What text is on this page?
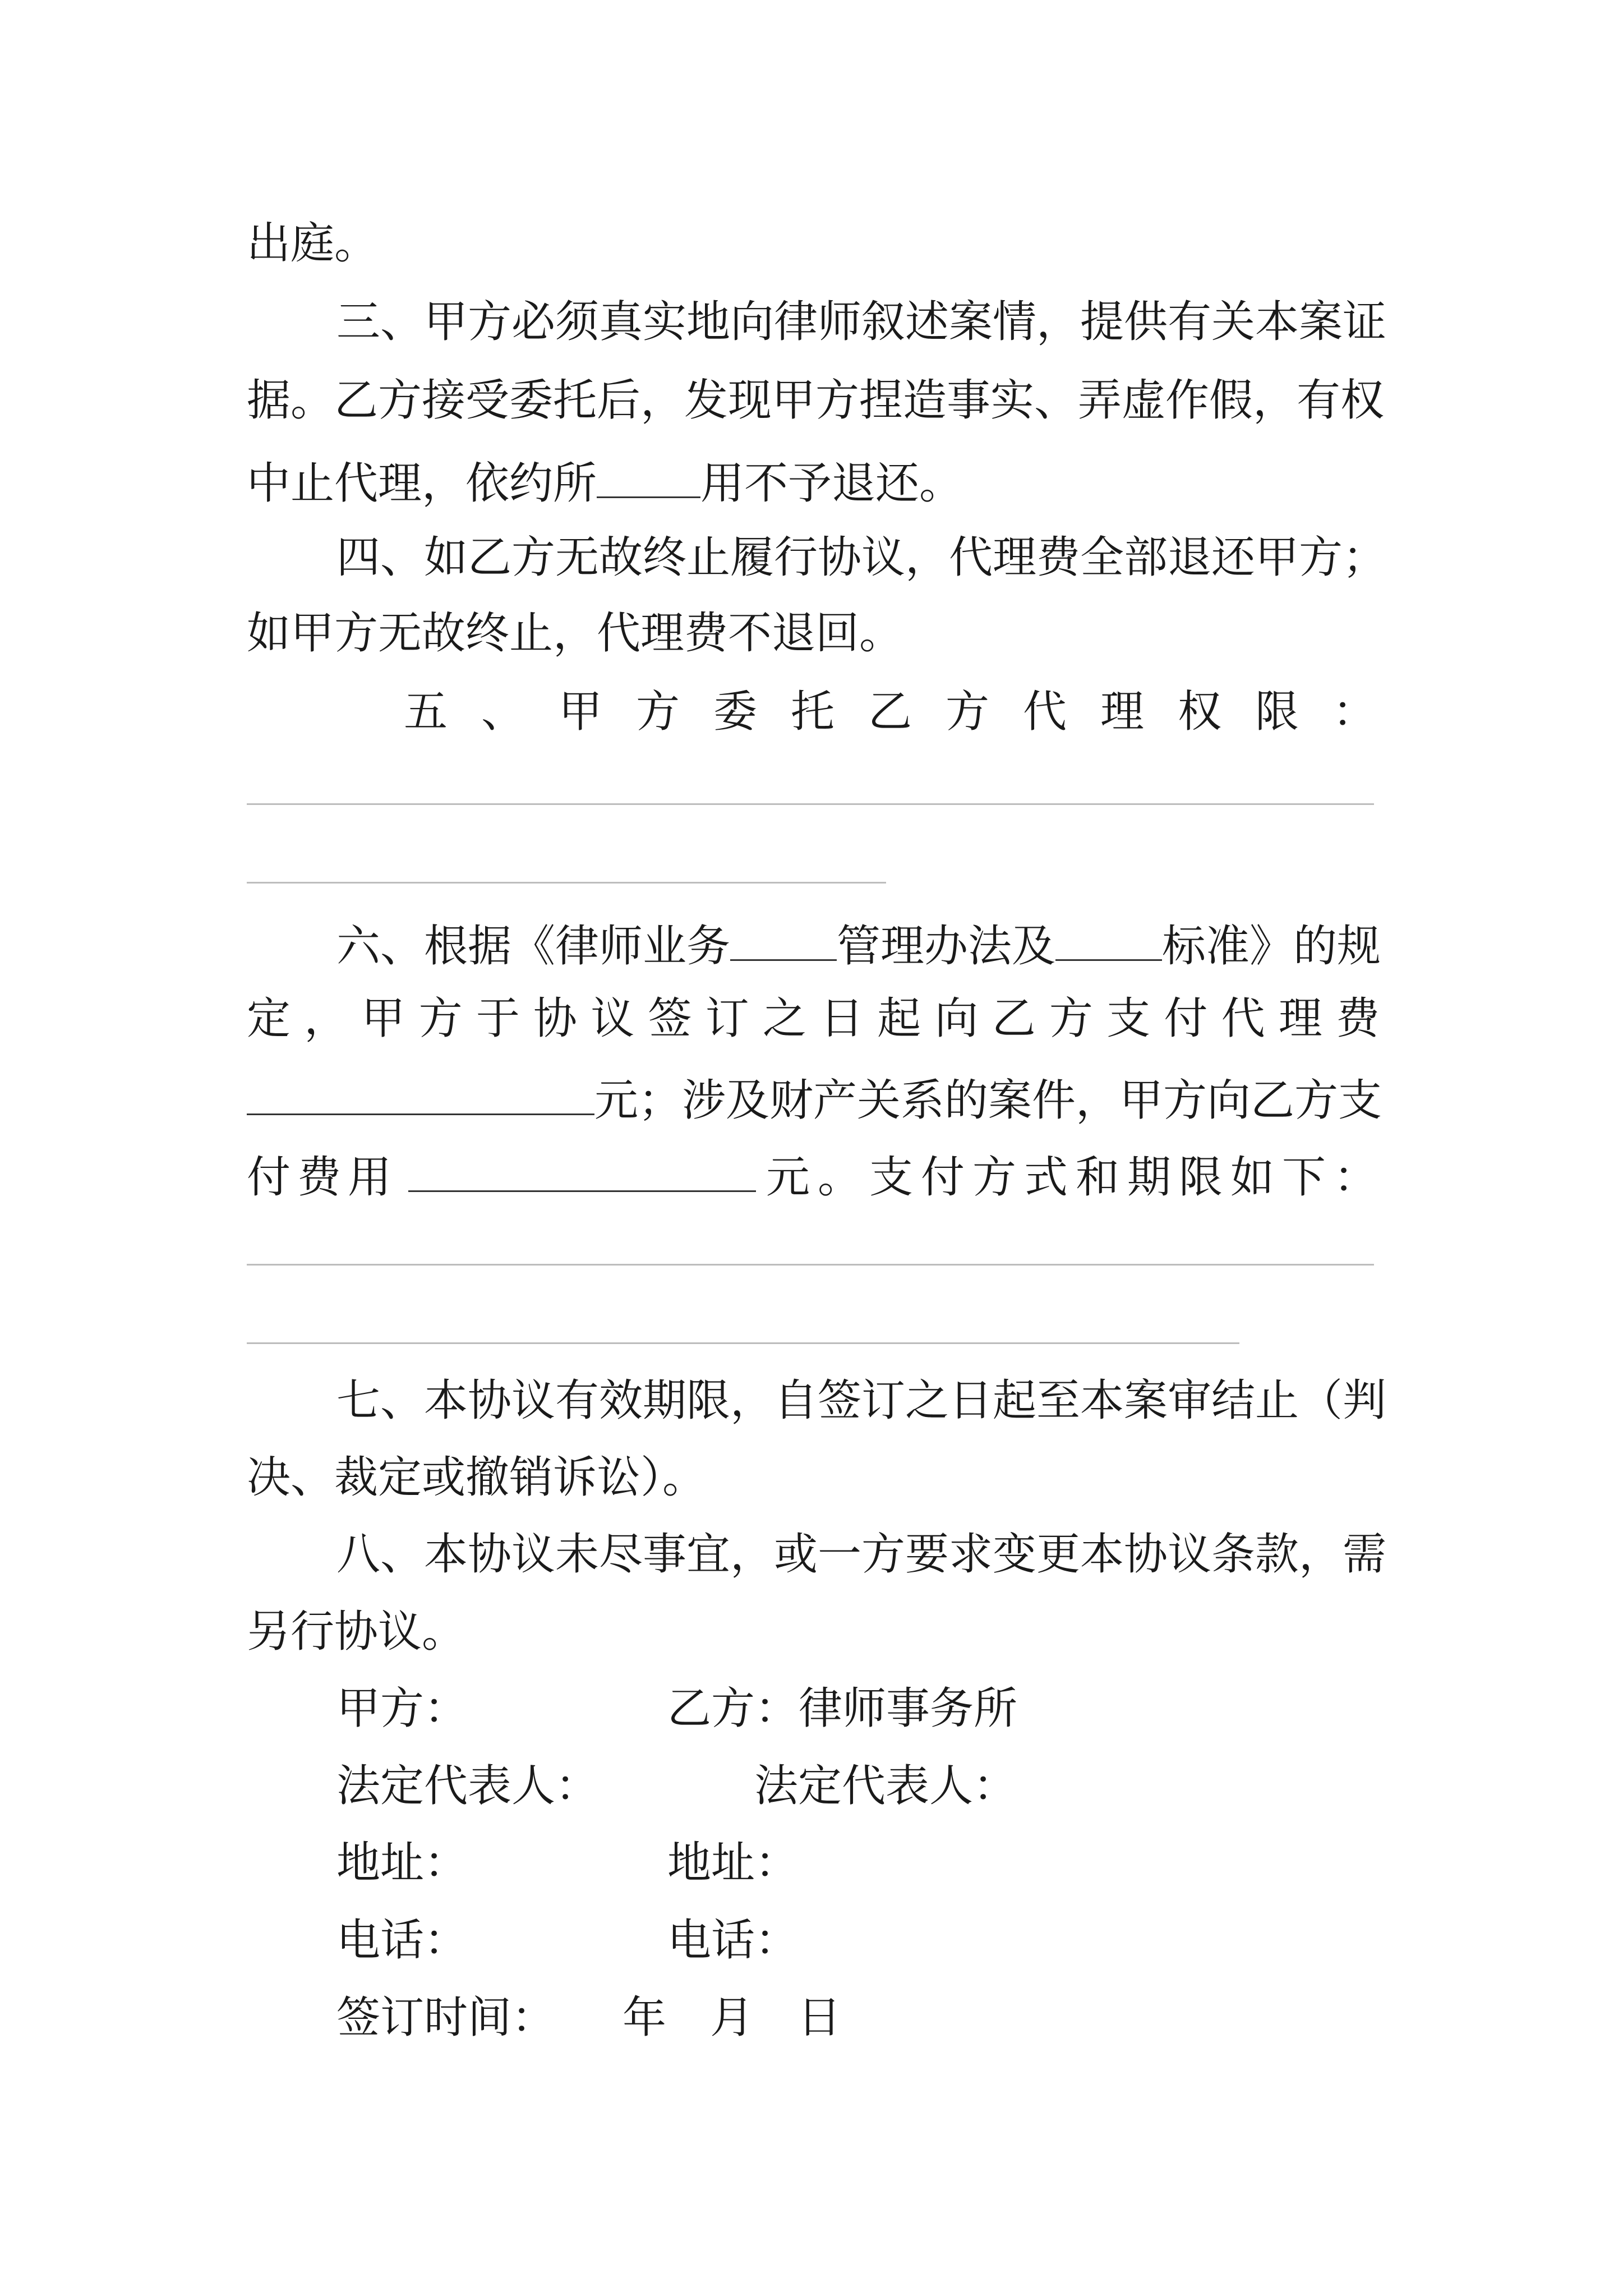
出庭。
三、甲方必须真实地向律师叙述案情，提供有关本案证
据。乙方接受委托后，发现甲方捏造事实、弄虚作假，有权
中止代理，依约所 用不予退还。
四、如乙方无故终止履行协议，代理费全部退还甲方；
如甲方无故终止，代理费不退回。
五、甲方委托乙方代理权限：
六、根据《律师业务 管理办法及 标准》的规
定，甲方于协议签订之日起向乙方支付代理费
元；涉及财产关系的案件，甲方向乙方支
付费用	元。支付方式和期限如下：
七、本协议有效期限，自签订之日起至本案审结止（判
决、裁定或撤销诉讼）。
八、本协议未尽事宜，或一方要求变更本协议条款，需
另行协议。
甲方：	乙方：律师事务所
法定代表人：	法定代表人：
地址：	地址：
电话：	电话：
签订时间： 年　月　日
